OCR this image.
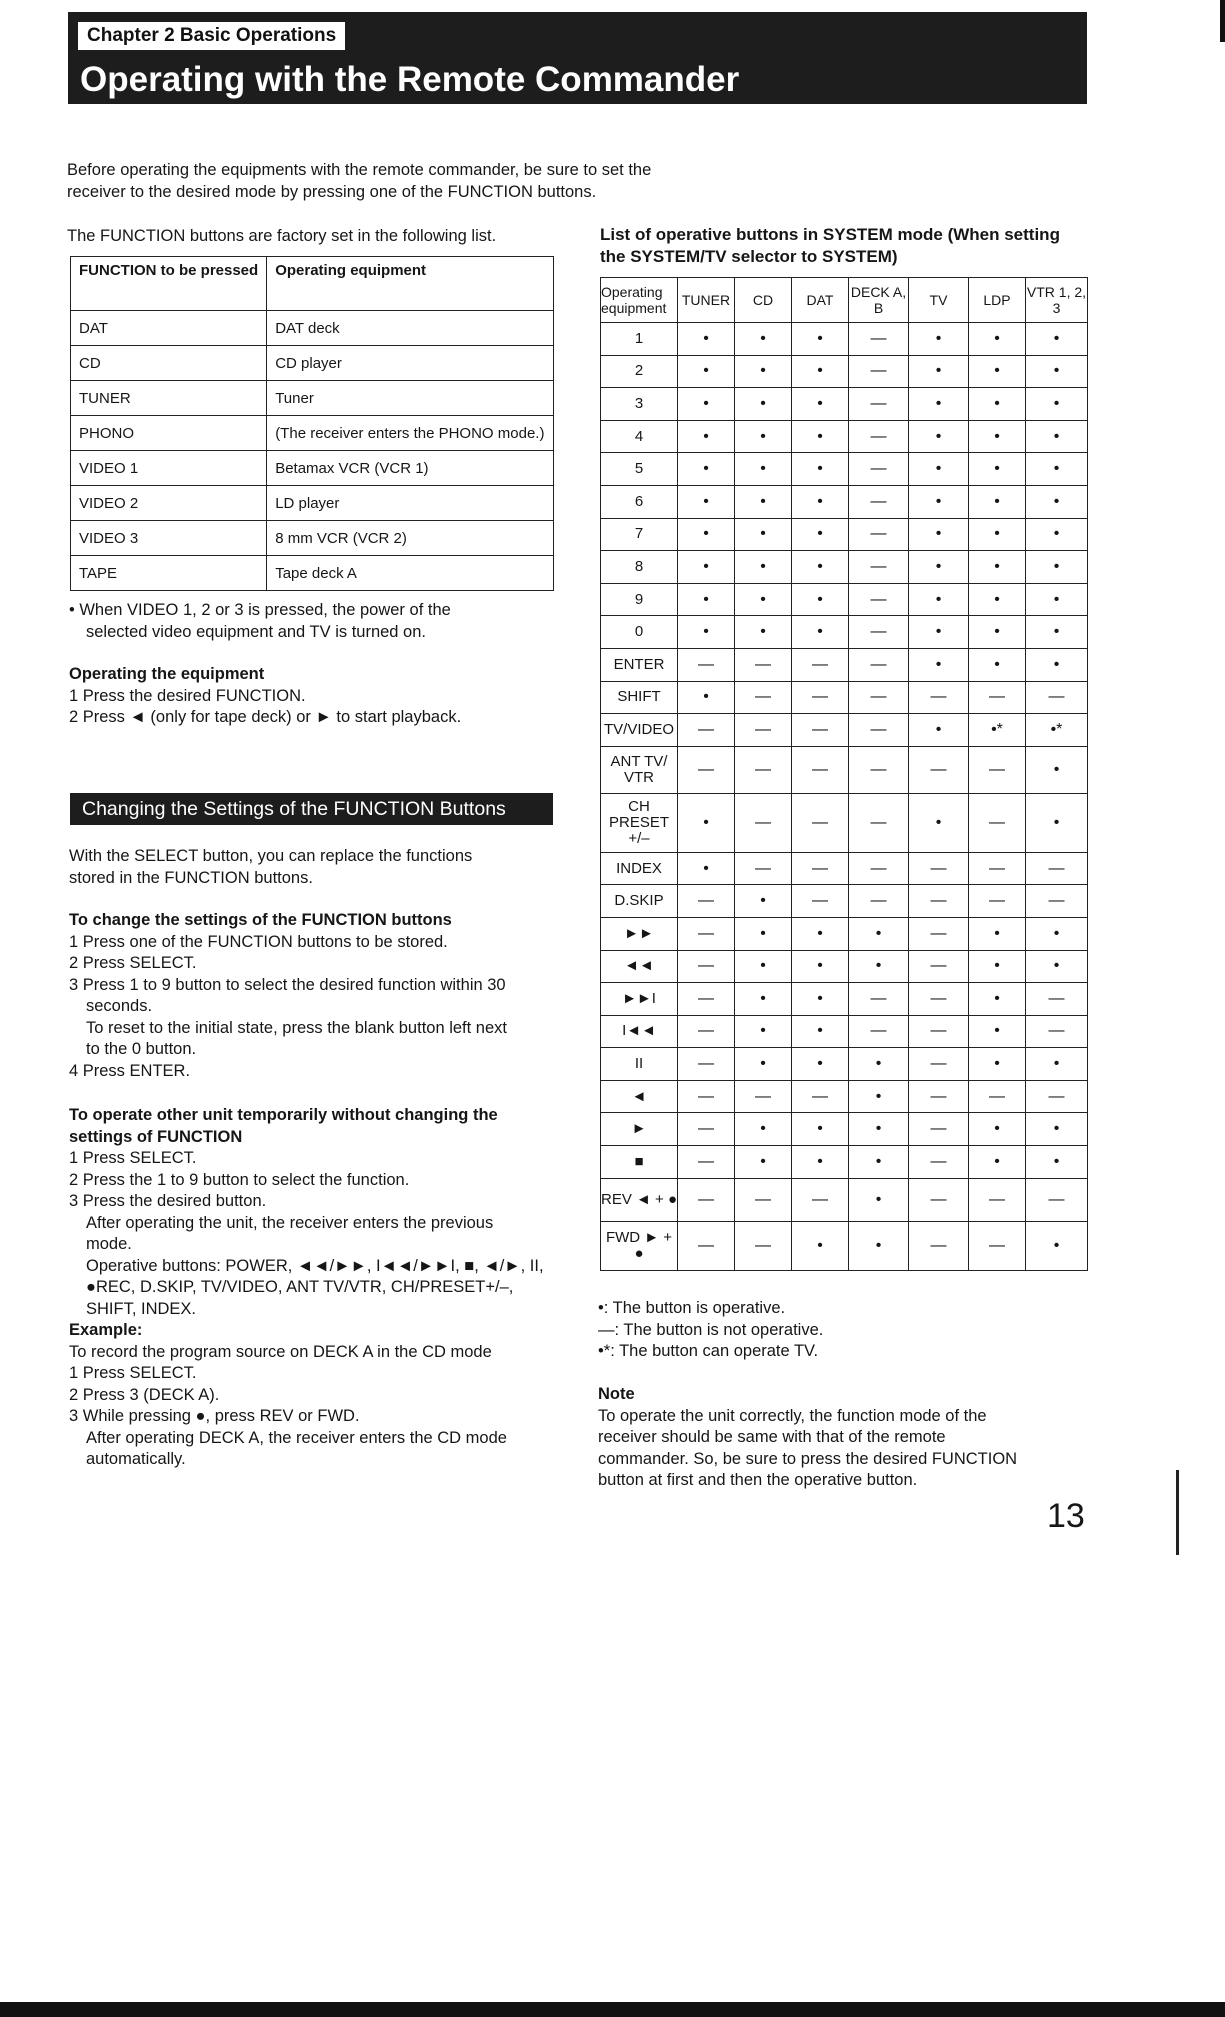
Chapter 2 Basic Operations
Operating with the Remote Commander
Before operating the equipments with the remote commander, be sure to set the
receiver to the desired mode by pressing one of the FUNCTION buttons.
The FUNCTION buttons are factory set in the following list.
FUNCTION to be pressed	Operating equipment
DAT	DAT deck
CD	CD player
TUNER	Tuner
PHONO	(The receiver enters the PHONO mode.)
VIDEO 1	Betamax VCR (VCR 1)
VIDEO 2	LD player
VIDEO 3	8 mm VCR (VCR 2)
TAPE	Tape deck A
• When VIDEO 1, 2 or 3 is pressed, the power of the
selected video equipment and TV is turned on.
Operating the equipment
1 Press the desired FUNCTION.
2 Press ◄ (only for tape deck) or ► to start playback.
Changing the Settings of the FUNCTION Buttons
With the SELECT button, you can replace the functions
stored in the FUNCTION buttons.
To change the settings of the FUNCTION buttons
1 Press one of the FUNCTION buttons to be stored.
2 Press SELECT.
3 Press 1 to 9 button to select the desired function within 30
seconds.
To reset to the initial state, press the blank button left next
to the 0 button.
4 Press ENTER.
To operate other unit temporarily without changing the
settings of FUNCTION
1 Press SELECT.
2 Press the 1 to 9 button to select the function.
3 Press the desired button.
After operating the unit, the receiver enters the previous
mode.
Operative buttons: POWER, ◄◄/►►, I◄◄/►►I, ■, ◄/►, II,
●REC, D.SKIP, TV/VIDEO, ANT TV/VTR, CH/PRESET+/–,
SHIFT, INDEX.
Example:
To record the program source on DECK A in the CD mode
1 Press SELECT.
2 Press 3 (DECK A).
3 While pressing ●, press REV or FWD.
After operating DECK A, the receiver enters the CD mode
automatically.
List of operative buttons in SYSTEM mode (When setting
the SYSTEM/TV selector to SYSTEM)
Operating equipment	TUNER	CD	DAT	DECK A, B	TV	LDP	VTR 1, 2, 3
1	•	•	•	—	•	•	•
2	•	•	•	—	•	•	•
3	•	•	•	—	•	•	•
4	•	•	•	—	•	•	•
5	•	•	•	—	•	•	•
6	•	•	•	—	•	•	•
7	•	•	•	—	•	•	•
8	•	•	•	—	•	•	•
9	•	•	•	—	•	•	•
0	•	•	•	—	•	•	•
ENTER	—	—	—	—	•	•	•
SHIFT	•	—	—	—	—	—	—
TV/VIDEO	—	—	—	—	•	•*	•*
ANT TV/ VTR	—	—	—	—	—	—	•
CH PRESET +/–	•	—	—	—	•	—	•
INDEX	•	—	—	—	—	—	—
D.SKIP	—	•	—	—	—	—	—
►►	—	•	•	•	—	•	•
◄◄	—	•	•	•	—	•	•
►►I	—	•	•	—	—	•	—
I◄◄	—	•	•	—	—	•	—
II	—	•	•	•	—	•	•
◄	—	—	—	•	—	—	—
►	—	•	•	•	—	•	•
■	—	•	•	•	—	•	•
REV ◄ + ●	—	—	—	•	—	—	—
FWD ► + ●	—	—	•	•	—	—	•
•: The button is operative.
—: The button is not operative.
•*: The button can operate TV.
Note
To operate the unit correctly, the function mode of the
receiver should be same with that of the remote
commander. So, be sure to press the desired FUNCTION
button at first and then the operative button.
13
